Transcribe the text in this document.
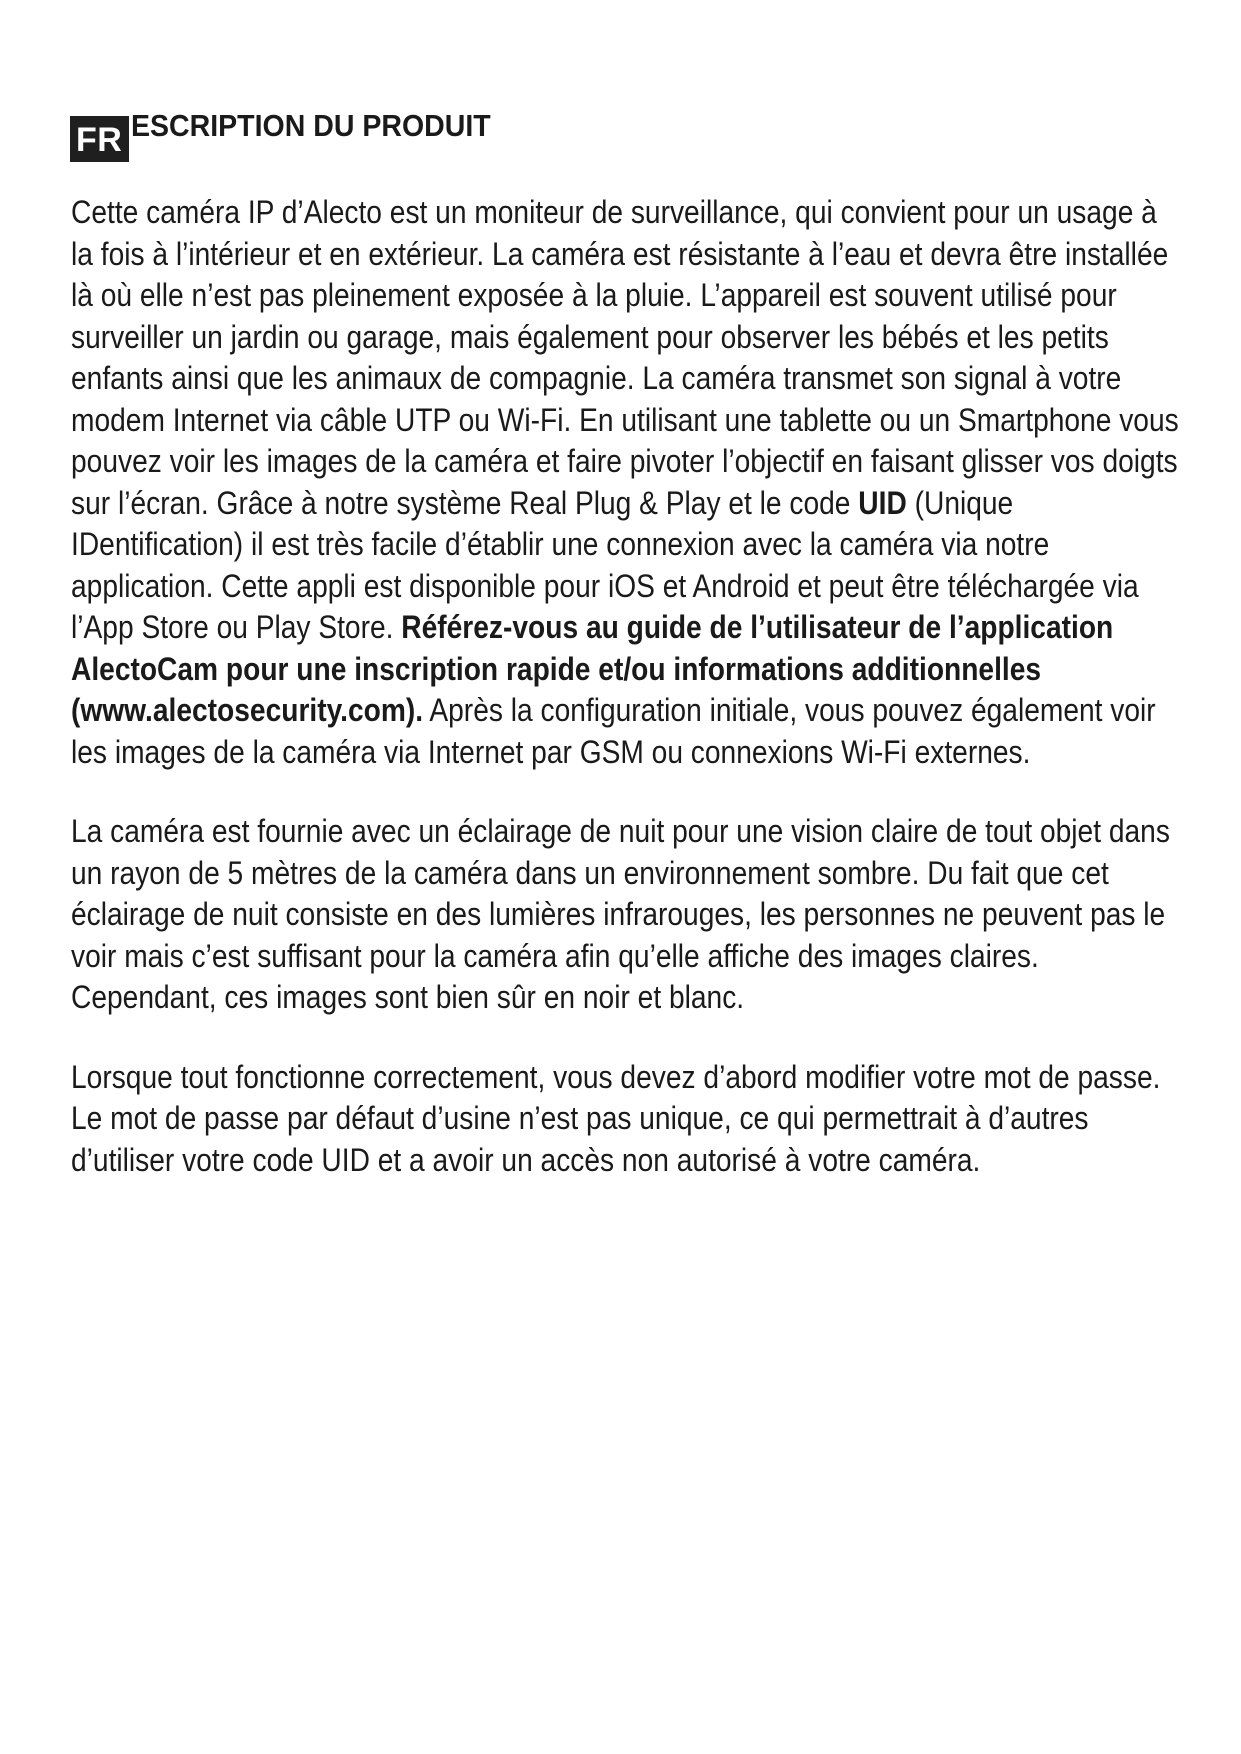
FR ESCRIPTION DU PRODUIT

Cette caméra IP d’Alecto est un moniteur de surveillance, qui convient pour un usage à la fois à l’intérieur et en extérieur. La caméra est résistante à l’eau et devra être installée là où elle n’est pas pleinement exposée à la pluie. L’appareil est souvent utilisé pour surveiller un jardin ou garage, mais également pour observer les bébés et les petits enfants ainsi que les animaux de compagnie. La caméra transmet son signal à votre modem Internet via câble UTP ou Wi-Fi. En utilisant une tablette ou un Smartphone vous pouvez voir les images de la caméra et faire pivoter l’objectif en faisant glisser vos doigts sur l’écran. Grâce à notre système Real Plug & Play et le code UID (Unique IDentification) il est très facile d’établir une connexion avec la caméra via notre application. Cette appli est disponible pour iOS et Android et peut être téléchargée via l’App Store ou Play Store. Référez-vous au guide de l’utilisateur de l’application AlectoCam pour une inscription rapide et/ou informations additionnelles (www.alectosecurity.com). Après la configuration initiale, vous pouvez également voir les images de la caméra via Internet par GSM ou connexions Wi-Fi externes.

La caméra est fournie avec un éclairage de nuit pour une vision claire de tout objet dans un rayon de 5 mètres de la caméra dans un environnement sombre. Du fait que cet éclairage de nuit consiste en des lumières infrarouges, les personnes ne peuvent pas le voir mais c’est suffisant pour la caméra afin qu’elle affiche des images claires. Cependant, ces images sont bien sûr en noir et blanc.

Lorsque tout fonctionne correctement, vous devez d’abord modifier votre mot de passe. Le mot de passe par défaut d’usine n’est pas unique, ce qui permettrait à d’autres d’utiliser votre code UID et a avoir un accès non autorisé à votre caméra.
